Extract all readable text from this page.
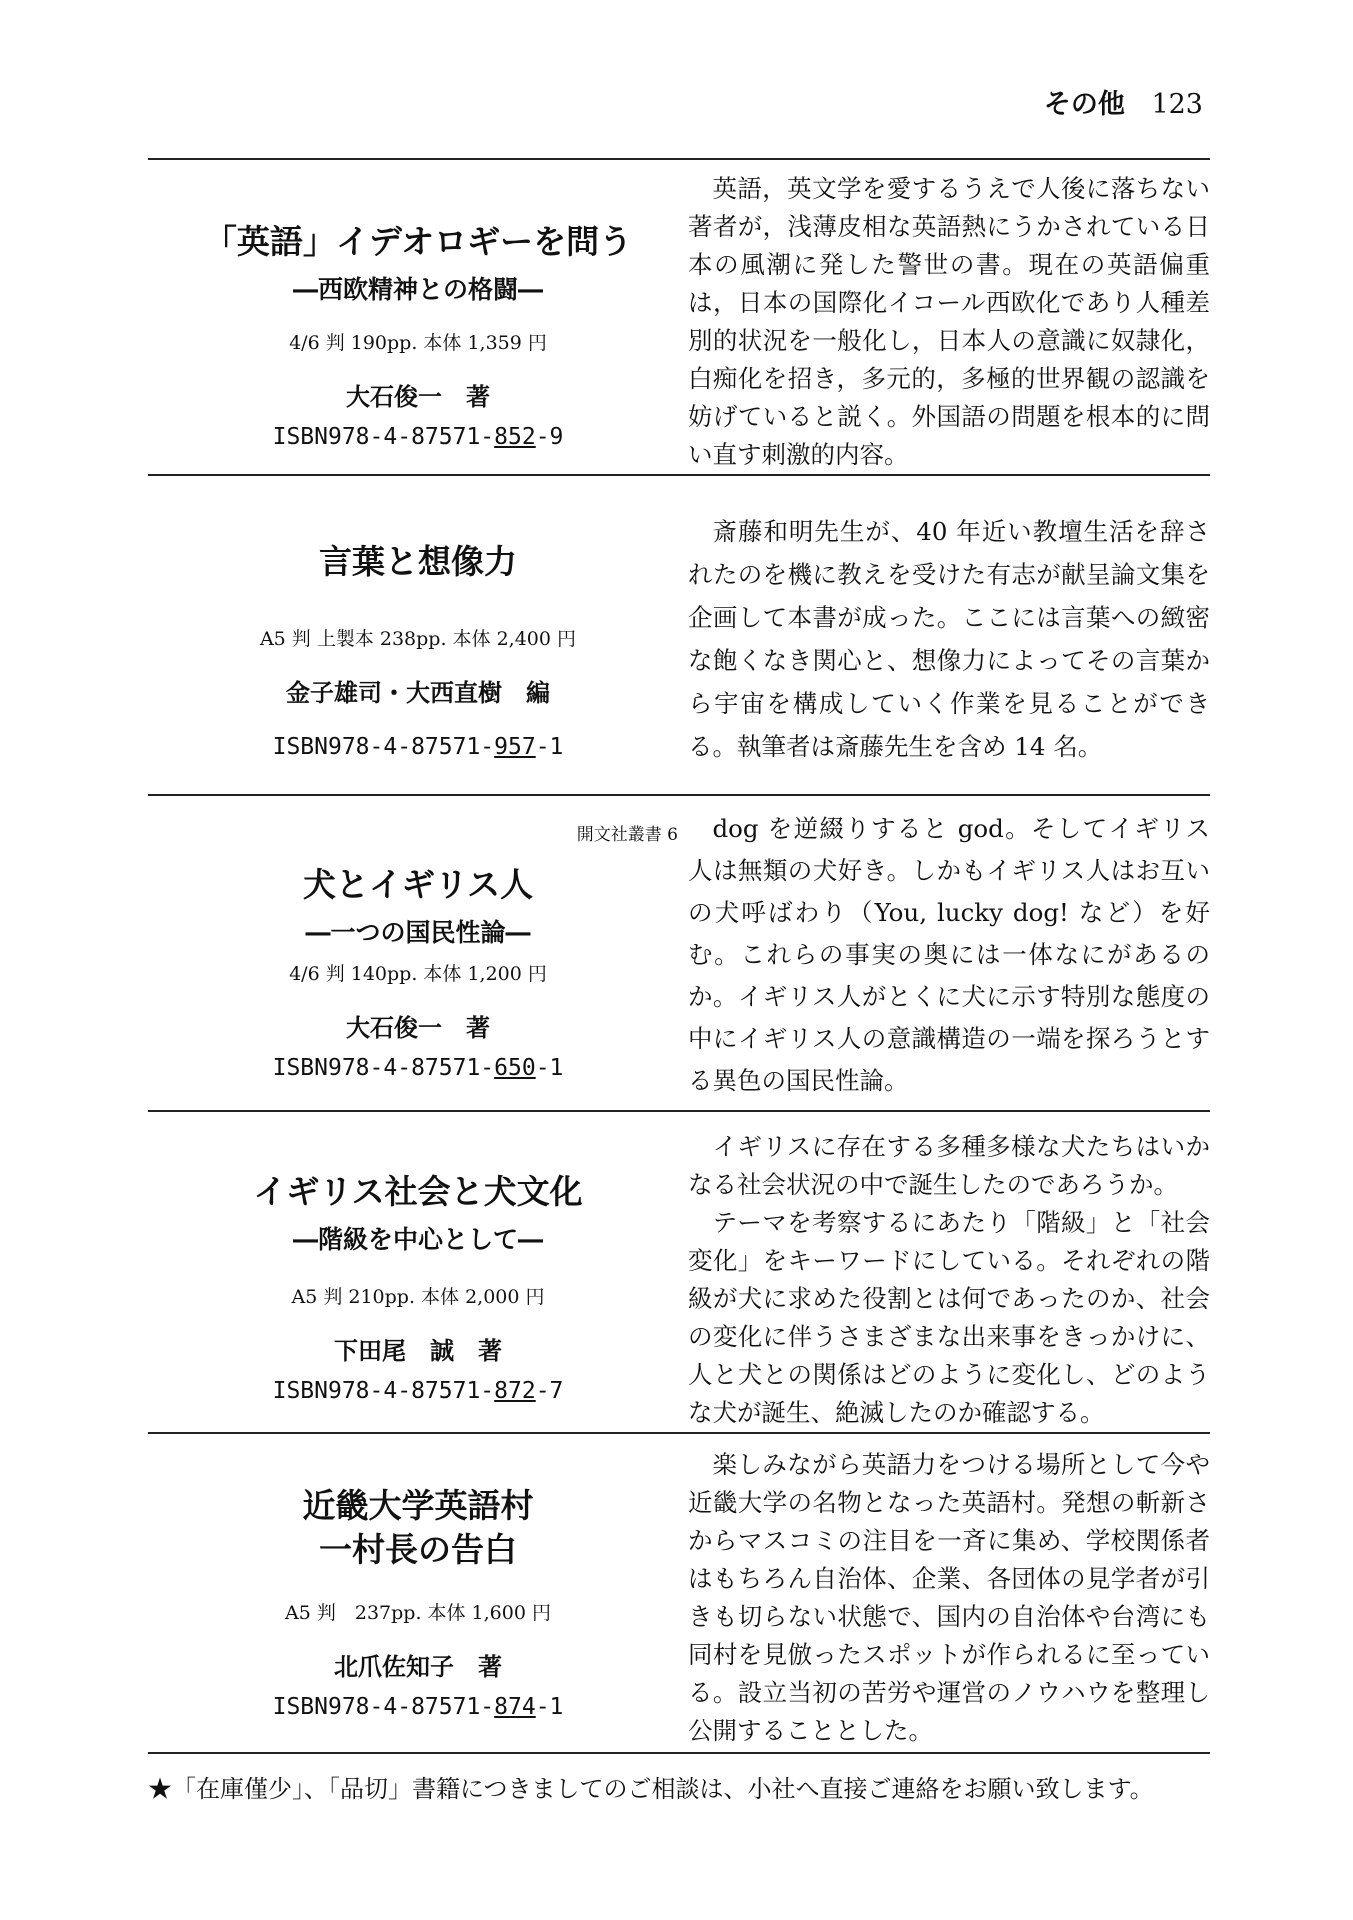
その他 123
「英語」イデオロギーを問う
―西欧精神との格闘―
4/6 判 190pp. 本体 1,359 円
大石俊一　著
ISBN978-4-87571-852-9
英語，英文学を愛するうえで人後に落ちない著者が，浅薄皮相な英語熱にうかされている日本の風潮に発した警世の書。現在の英語偏重は，日本の国際化イコール西欧化であり人種差別的状況を一般化し，日本人の意識に奴隷化，白痴化を招き，多元的，多極的世界観の認識を妨げていると説く。外国語の問題を根本的に問い直す刺激的内容。
言葉と想像力
A5 判 上製本 238pp. 本体 2,400 円
金子雄司・大西直樹　編
ISBN978-4-87571-957-1
斎藤和明先生が、40 年近い教壇生活を辞されたのを機に教えを受けた有志が献呈論文集を企画して本書が成った。ここには言葉への緻密な飽くなき関心と、想像力によってその言葉から宇宙を構成していく作業を見ることができる。執筆者は斎藤先生を含め 14 名。
開文社叢書 6
犬とイギリス人
―一つの国民性論―
4/6 判 140pp. 本体 1,200 円
大石俊一　著
ISBN978-4-87571-650-1
dog を逆綴りすると god。そしてイギリス人は無類の犬好き。しかもイギリス人はお互いの犬呼ばわり（You, lucky dog! など）を好む。これらの事実の奥には一体なにがあるのか。イギリス人がとくに犬に示す特別な態度の中にイギリス人の意識構造の一端を探ろうとする異色の国民性論。
イギリス社会と犬文化
―階級を中心として―
A5 判 210pp. 本体 2,000 円
下田尾　誠　著
ISBN978-4-87571-872-7

イギリスに存在する多種多様な犬たちはいかなる社会状況の中で誕生したのであろうか。

テーマを考察するにあたり「階級」と「社会変化」をキーワードにしている。それぞれの階級が犬に求めた役割とは何であったのか、社会の変化に伴うさまざまな出来事をきっかけに、人と犬との関係はどのように変化し、どのような犬が誕生、絶滅したのか確認する。

近畿大学英語村
一村長の告白
A5 判　237pp. 本体 1,600 円
北爪佐知子　著
ISBN978-4-87571-874-1
楽しみながら英語力をつける場所として今や近畿大学の名物となった英語村。発想の斬新さからマスコミの注目を一斉に集め、学校関係者はもちろん自治体、企業、各団体の見学者が引きも切らない状態で、国内の自治体や台湾にも同村を見倣ったスポットが作られるに至っている。設立当初の苦労や運営のノウハウを整理し公開することとした。
★「在庫僅少」、「品切」書籍につきましてのご相談は、小社へ直接ご連絡をお願い致します。
